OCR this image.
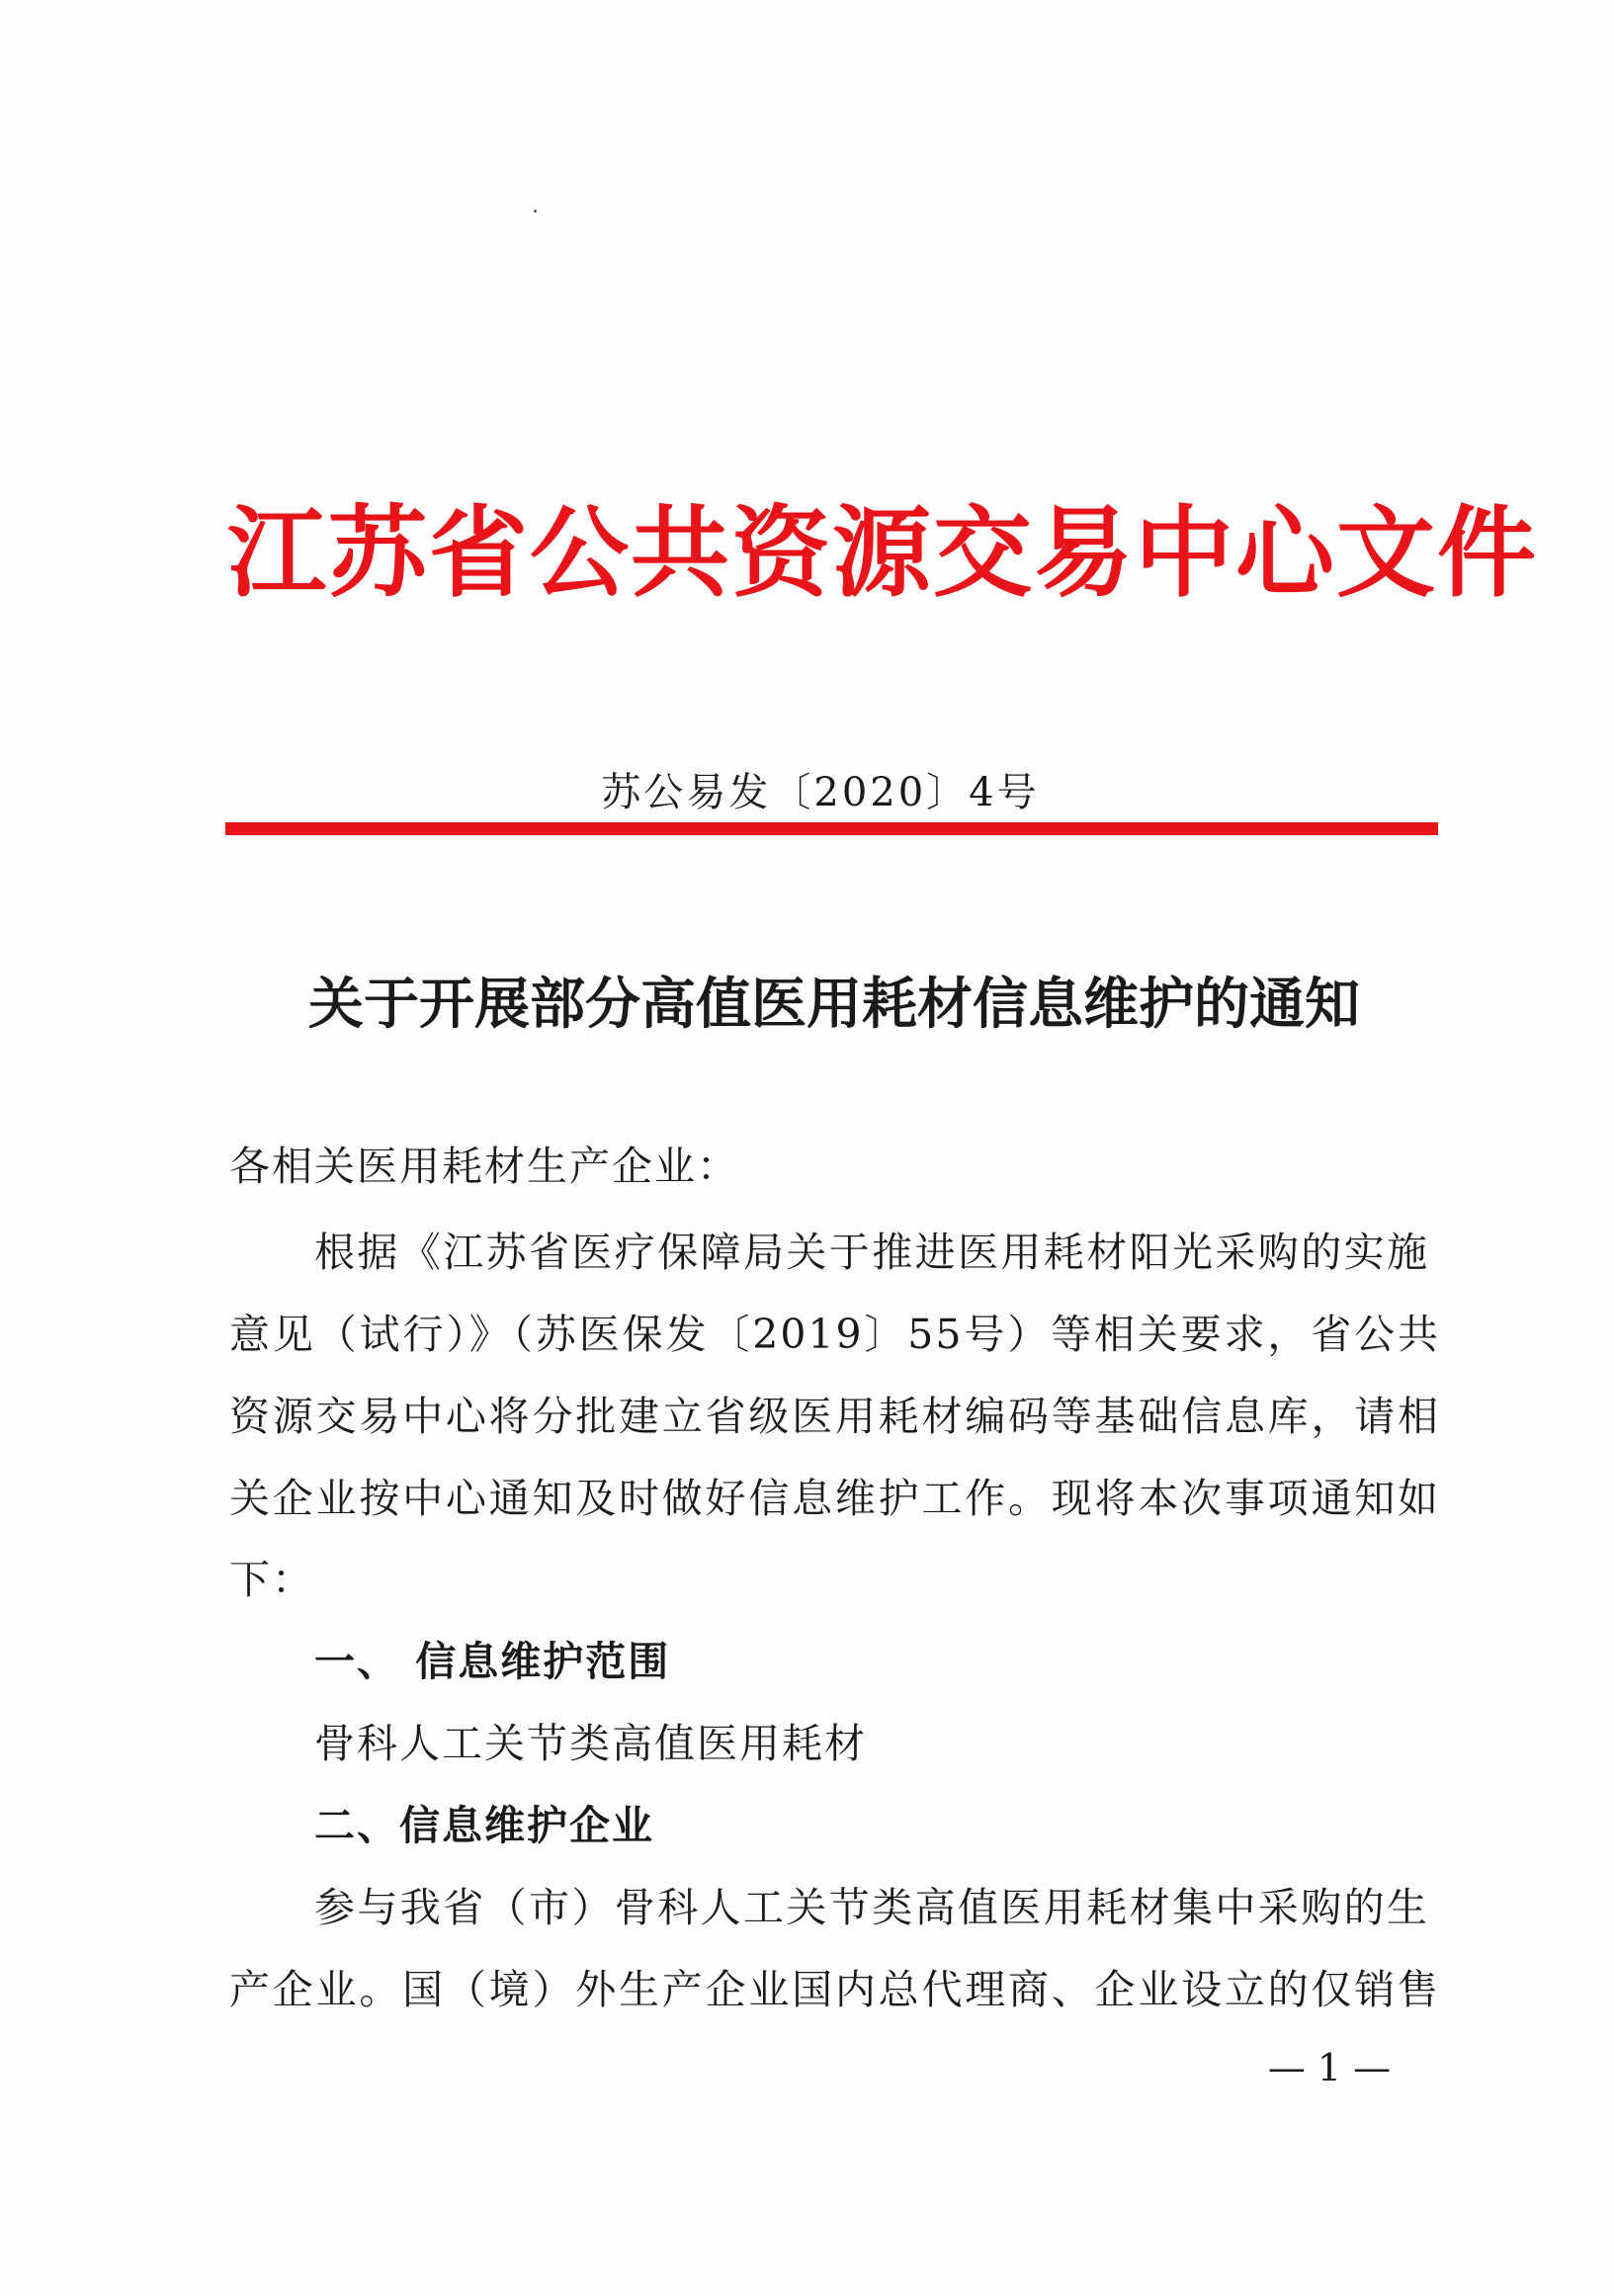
江苏省公共资源交易中心文件
苏公易发〔2020〕4号
关于开展部分高值医用耗材信息维护的通知
各相关医用耗材生产企业：
根据《江苏省医疗保障局关于推进医用耗材阳光采购的实施
意见（试行）》（苏医保发〔2019〕55号）等相关要求，省公共
资源交易中心将分批建立省级医用耗材编码等基础信息库，请相
关企业按中心通知及时做好信息维护工作。现将本次事项通知如
下：
一、 信息维护范围
骨科人工关节类高值医用耗材
二、信息维护企业
参与我省（市）骨科人工关节类高值医用耗材集中采购的生
产企业。国（境）外生产企业国内总代理商、企业设立的仅销售
— 1 —
